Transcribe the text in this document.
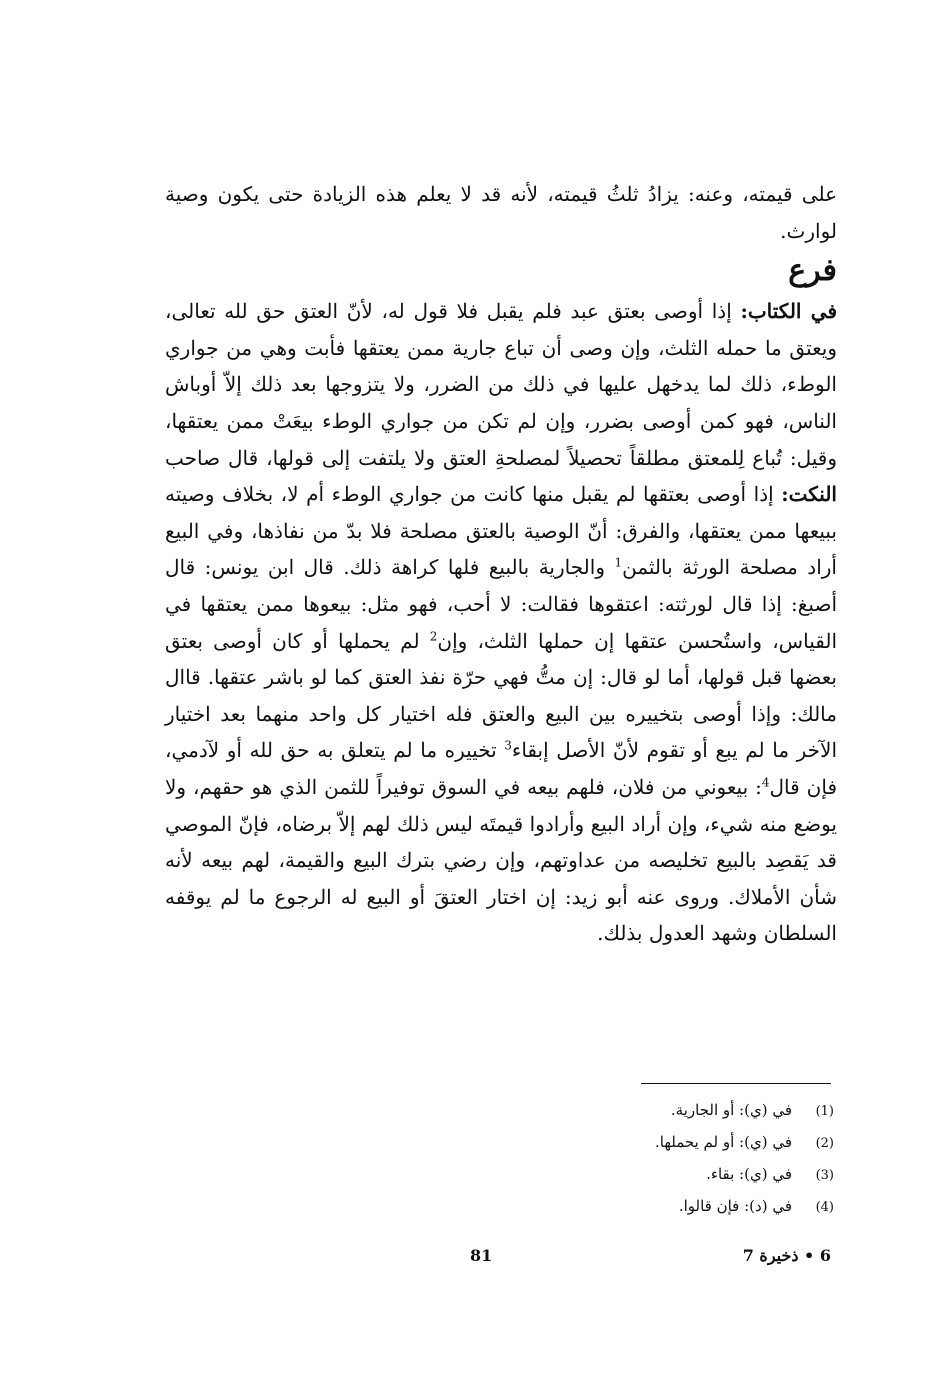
على قيمته، وعنه: يزادُ ثلثُ قيمته، لأنه قد لا يعلم هذه الزيادة حتى يكون وصية لوارث.

فرع

في الكتاب: إذا أوصى بعتق عبد فلم يقبل فلا قول له، لأنّ العتق حق لله تعالى، ويعتق ما حمله الثلث، وإن وصى أن تباع جارية ممن يعتقها فأبت وهي من جواري الوطء، ذلك لما يدخهل عليها في ذلك من الضرر، ولا يتزوجها بعد ذلك إلاّ أوباش الناس، فهو كمن أوصى بضرر، وإن لم تكن من جواري الوطء بيعَتْ ممن يعتقها، وقيل: تُباع لِلمعتق مطلقاً تحصيلاً لمصلحةِ العتق ولا يلتفت إلى قولها، قال صاحب النكت: إذا أوصى بعتقها لم يقبل منها كانت من جواري الوطء أم لا، بخلاف وصيته ببيعها ممن يعتقها، والفرق: أنّ الوصية بالعتق مصلحة فلا بدّ من نفاذها، وفي البيع أراد مصلحة الورثة بالثمن$^1$ والجارية بالبيع فلها كراهة ذلك. قال ابن يونس: قال أصبغ: إذا قال لورثته: اعتقوها فقالت: لا أحب، فهو مثل: بيعوها ممن يعتقها في القياس، واستُحسن عتقها إن حملها الثلث، وإن$^2$ لم يحملها أو كان أوصى بعتق بعضها قبل قولها، أما لو قال: إن متُّ فهي حرّة نفذ العتق كما لو باشر عتقها. قاال مالك: وإذا أوصى بتخييره بين البيع والعتق فله اختيار كل واحد منهما بعد اختيار الآخر ما لم يبع أو تقوم لأنّ الأصل إبقاء$^3$ تخييره ما لم يتعلق به حق لله أو لآدمي، فإن قال$^4$: بيعوني من فلان، فلهم بيعه في السوق توفيراً للثمن الذي هو حقهم، ولا يوضع منه شيء، وإن أراد البيع وأرادوا قيمتَه ليس ذلك لهم إلاّ برضاه، فإنّ الموصي قد يَقصِد بالبيع تخليصه من عداوتهم، وإن رضي بترك البيع والقيمة، لهم بيعه لأنه شأن الأملاك. وروى عنه أبو زيد: إن اختار العتقَ أو البيع له الرجوع ما لم يوقفه السلطان وشهد العدول بذلك.

(1)
في (ي): أو الجارية.
(2)
في (ي): أو لم يحملها.
(3)
في (ي): بقاء.
(4)
في (د): فإن قالوا.
81	6 • ذخيرة 7
